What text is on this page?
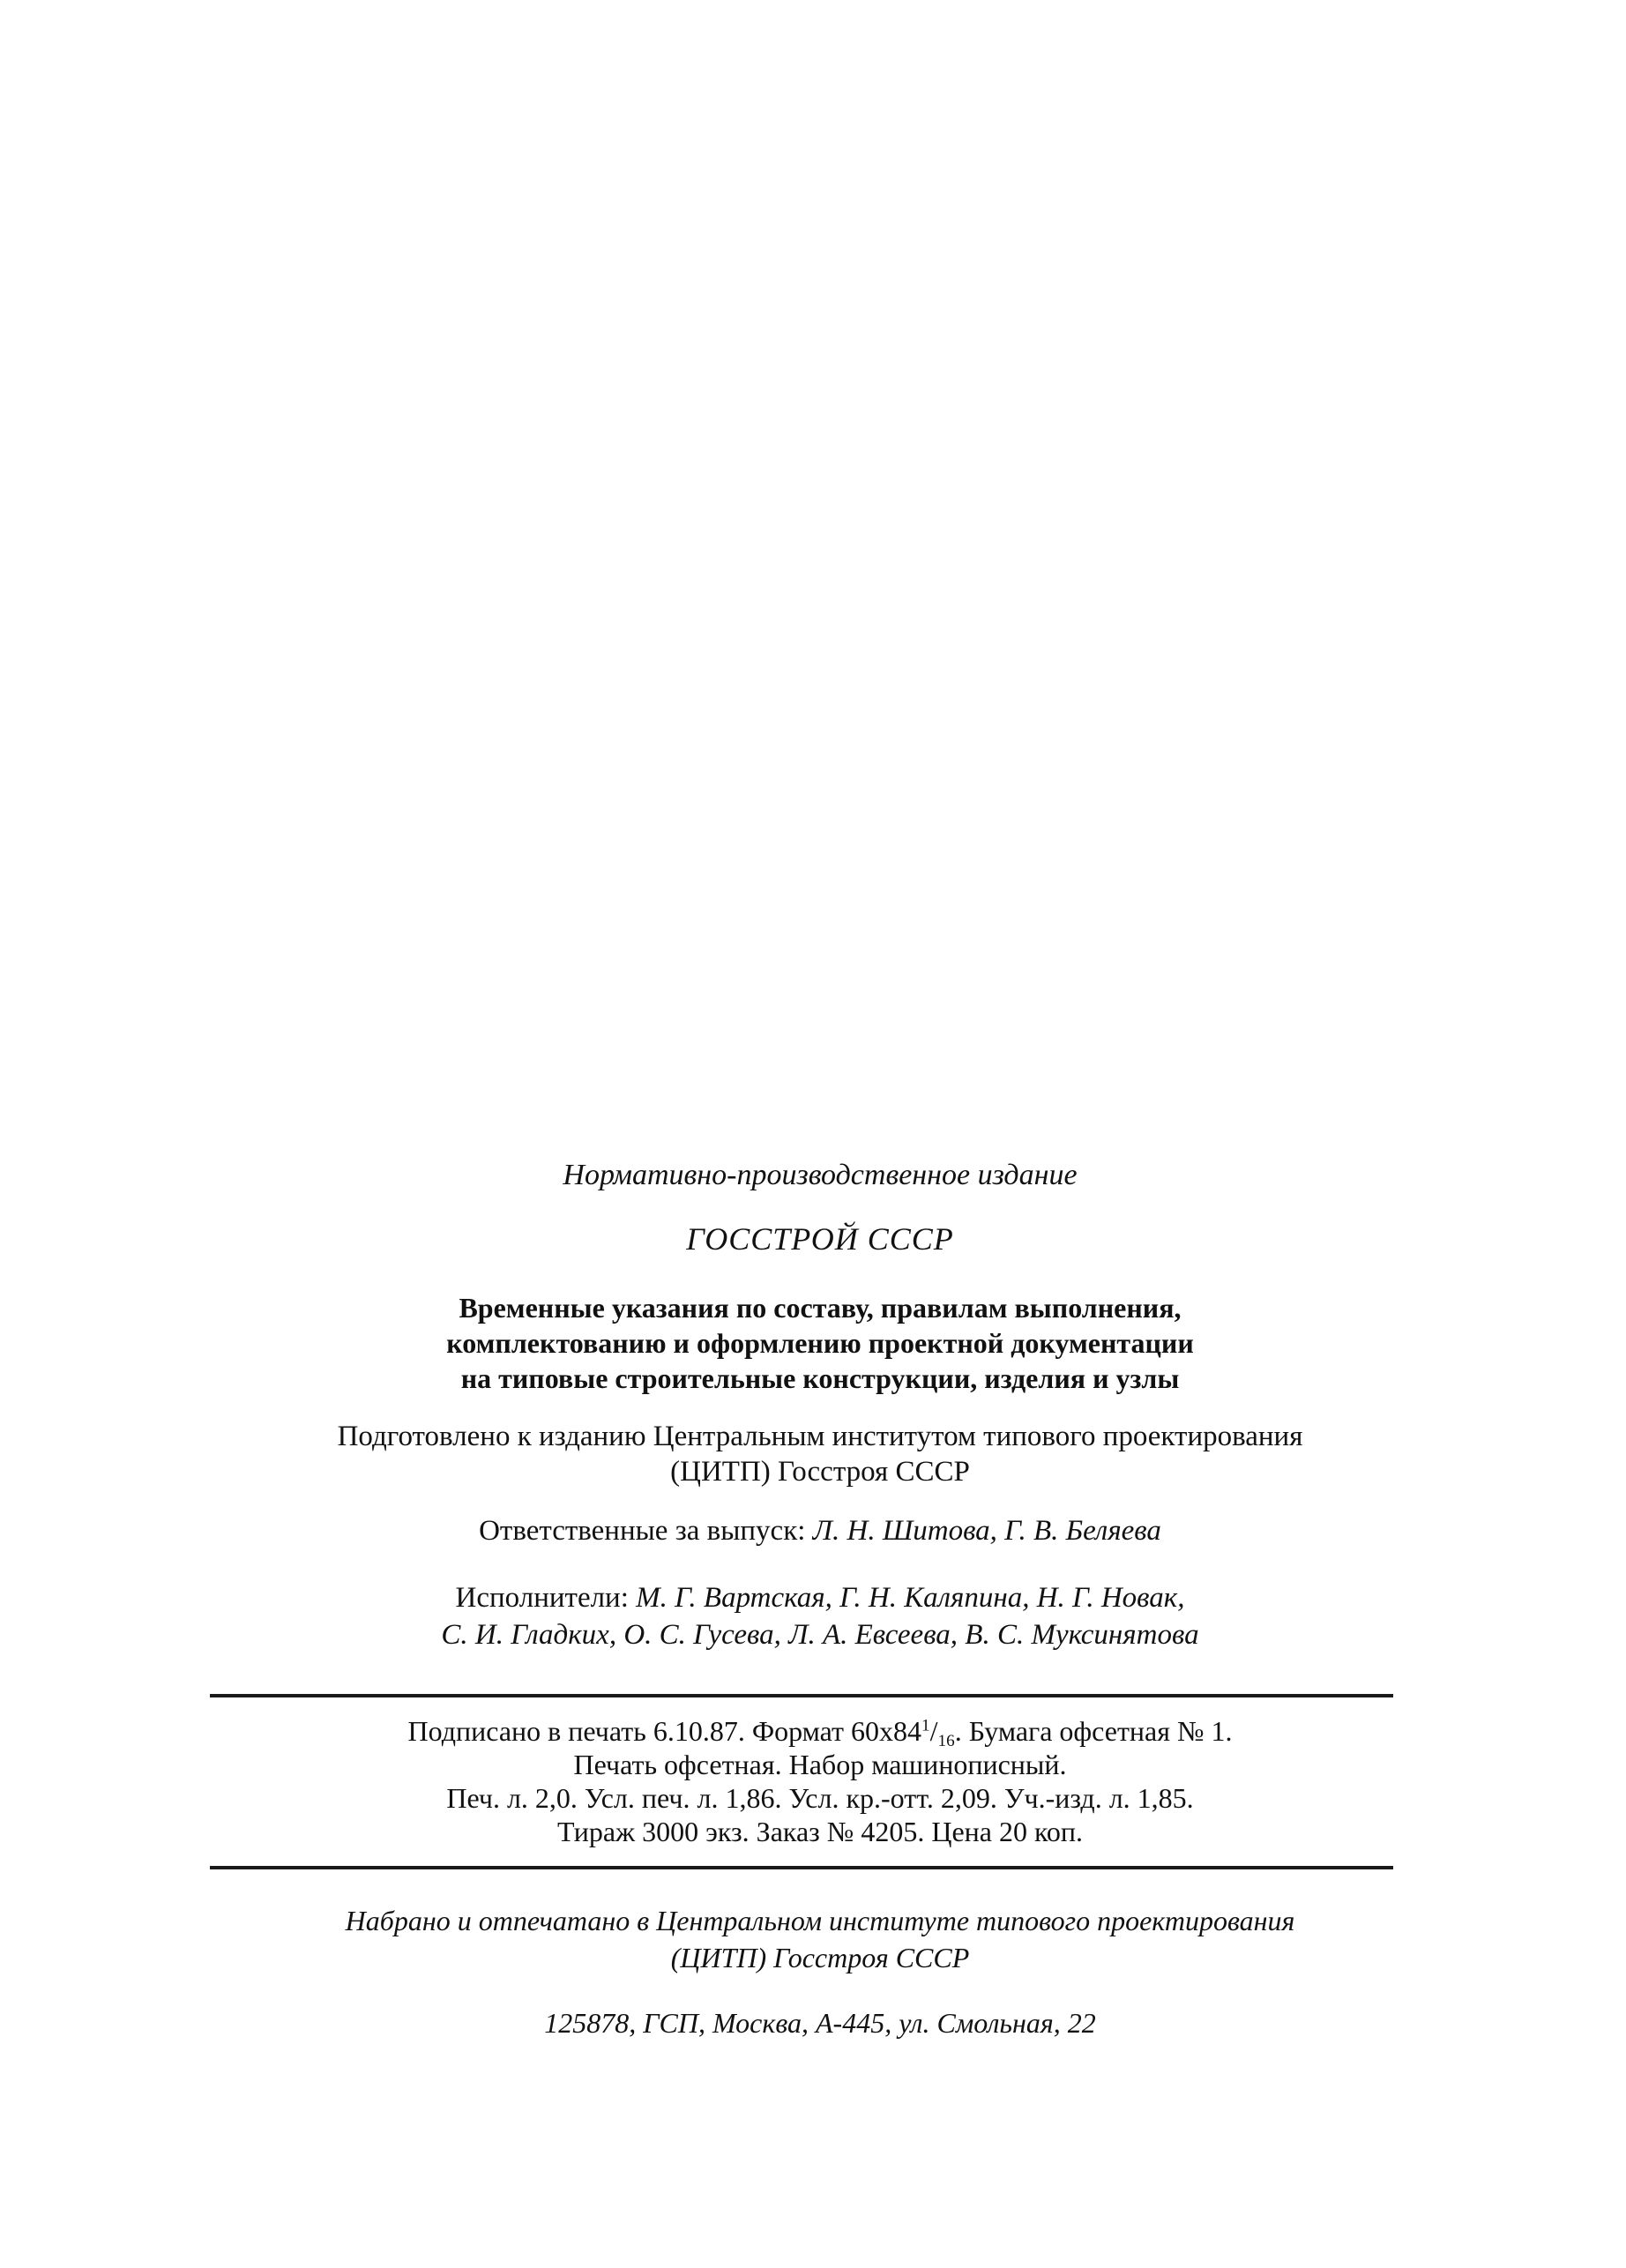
Нормативно-производственное издание
ГОССТРОЙ СССР
Временные указания по составу, правилам выполнения,
комплектованию и оформлению проектной документации
на типовые строительные конструкции, изделия и узлы
Подготовлено к изданию Центральным институтом типового проектирования
(ЦИТП) Госстроя СССР
Ответственные за выпуск: Л. Н. Шитова, Г. В. Беляева
Исполнители: М. Г. Вартская, Г. Н. Каляпина, Н. Г. Новак,
С. И. Гладких, О. С. Гусева, Л. А. Евсеева, В. С. Муксинятова
Подписано в печать 6.10.87. Формат $60х84^1/_{16}$. Бумага офсетная № 1.
Печать офсетная. Набор машинописный.
Печ. л. 2,0. Усл. печ. л. 1,86. Усл. кр.-отт. 2,09. Уч.-изд. л. 1,85.
Тираж 3000 экз. Заказ № 4205. Цена 20 коп.
Набрано и отпечатано в Центральном институте типового проектирования
(ЦИТП) Госстроя СССР
125878, ГСП, Москва, А-445, ул. Смольная, 22
